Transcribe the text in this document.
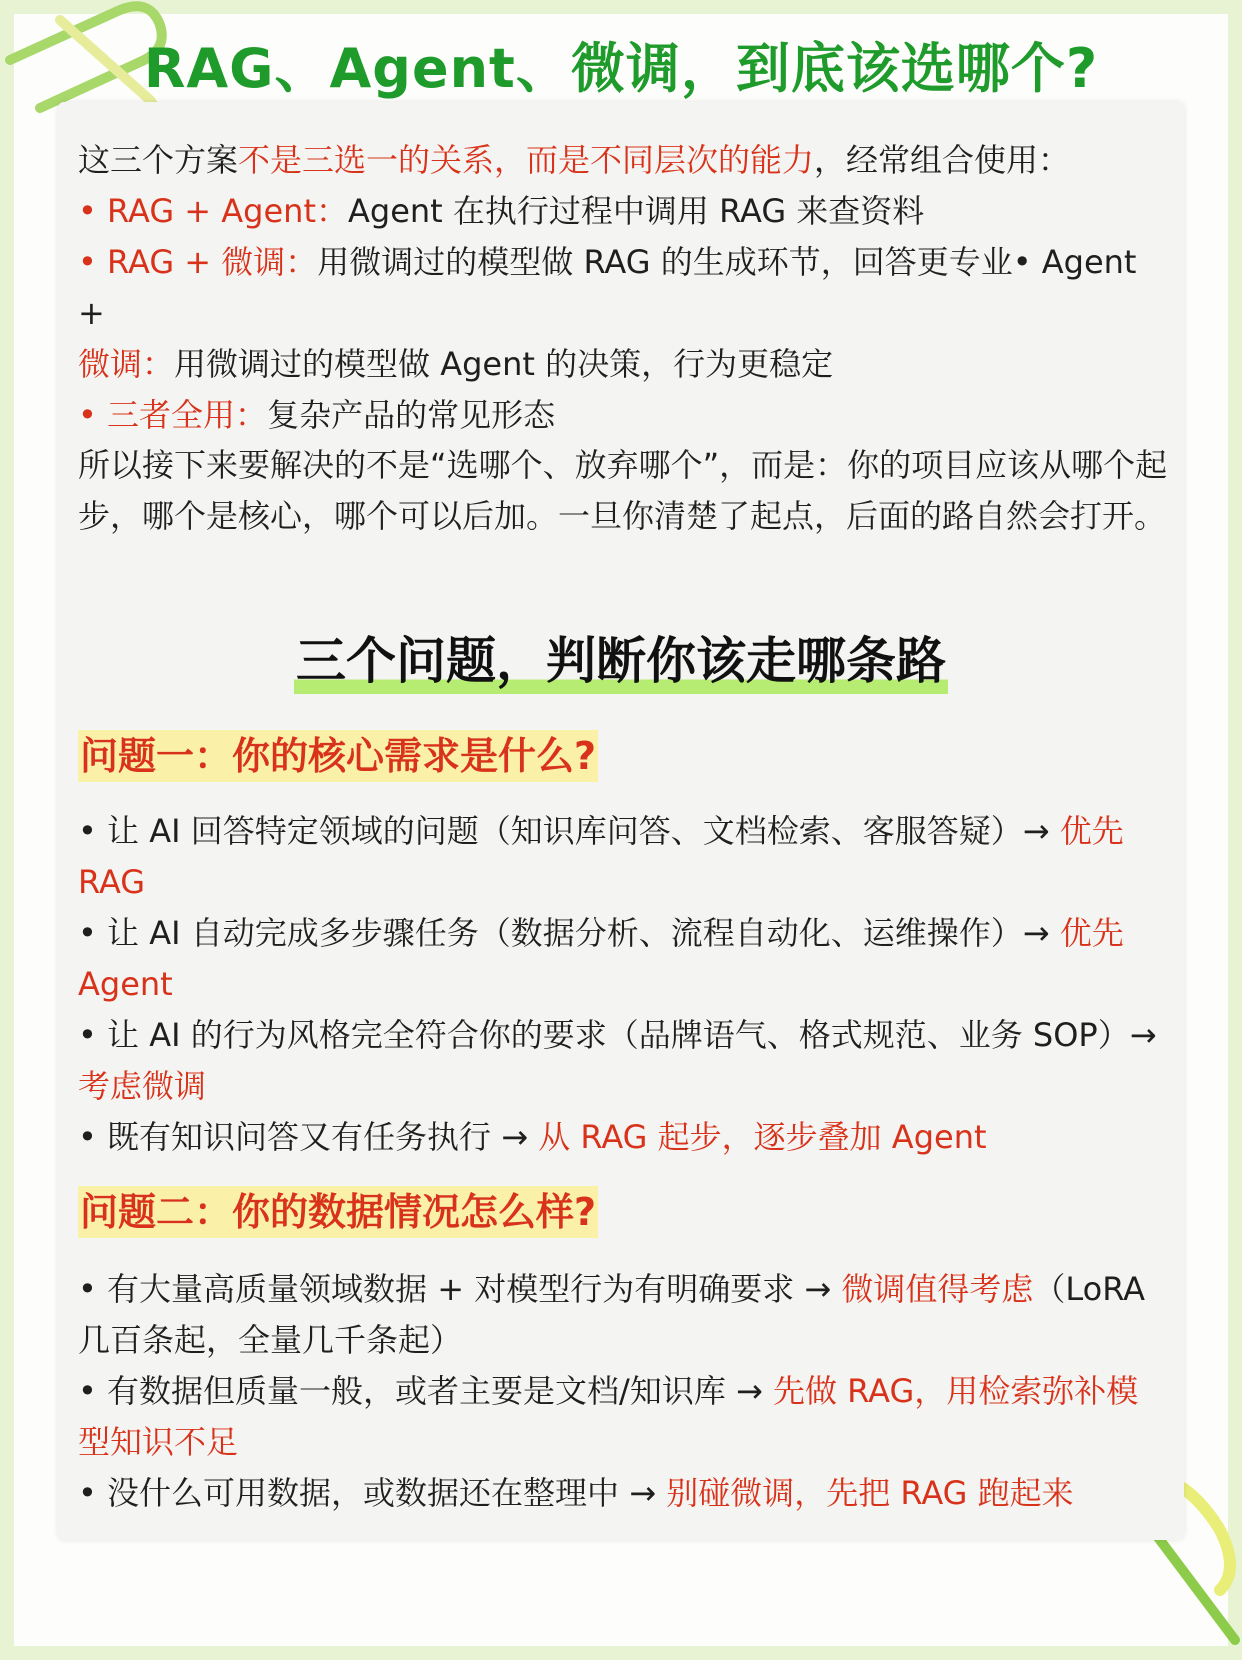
RAG、Agent、微调，到底该选哪个?
这三个方案不是三选一的关系，而是不同层次的能力，经常组合使用：
• RAG + Agent：Agent 在执行过程中调用 RAG 来查资料
• RAG + 微调：用微调过的模型做 RAG 的生成环节，回答更专业• Agent +
微调：用微调过的模型做 Agent 的决策，行为更稳定
• 三者全用：复杂产品的常见形态
所以接下来要解决的不是“选哪个、放弃哪个”，而是：你的项目应该从哪个起步，哪个是核心，哪个可以后加。一旦你清楚了起点，后面的路自然会打开。
三个问题，判断你该走哪条路
问题一：你的核心需求是什么?
• 让 AI 回答特定领域的问题（知识库问答、文档检索、客服答疑）→ 优先 RAG
• 让 AI 自动完成多步骤任务（数据分析、流程自动化、运维操作）→ 优先 Agent
• 让 AI 的行为风格完全符合你的要求（品牌语气、格式规范、业务 SOP）→ 考虑微调
• 既有知识问答又有任务执行 → 从 RAG 起步，逐步叠加 Agent
问题二：你的数据情况怎么样?
• 有大量高质量领域数据 + 对模型行为有明确要求 → 微调值得考虑（LoRA 几百条起，全量几千条起）
• 有数据但质量一般，或者主要是文档/知识库 → 先做 RAG，用检索弥补模型知识不足
• 没什么可用数据，或数据还在整理中 → 别碰微调，先把 RAG 跑起来
